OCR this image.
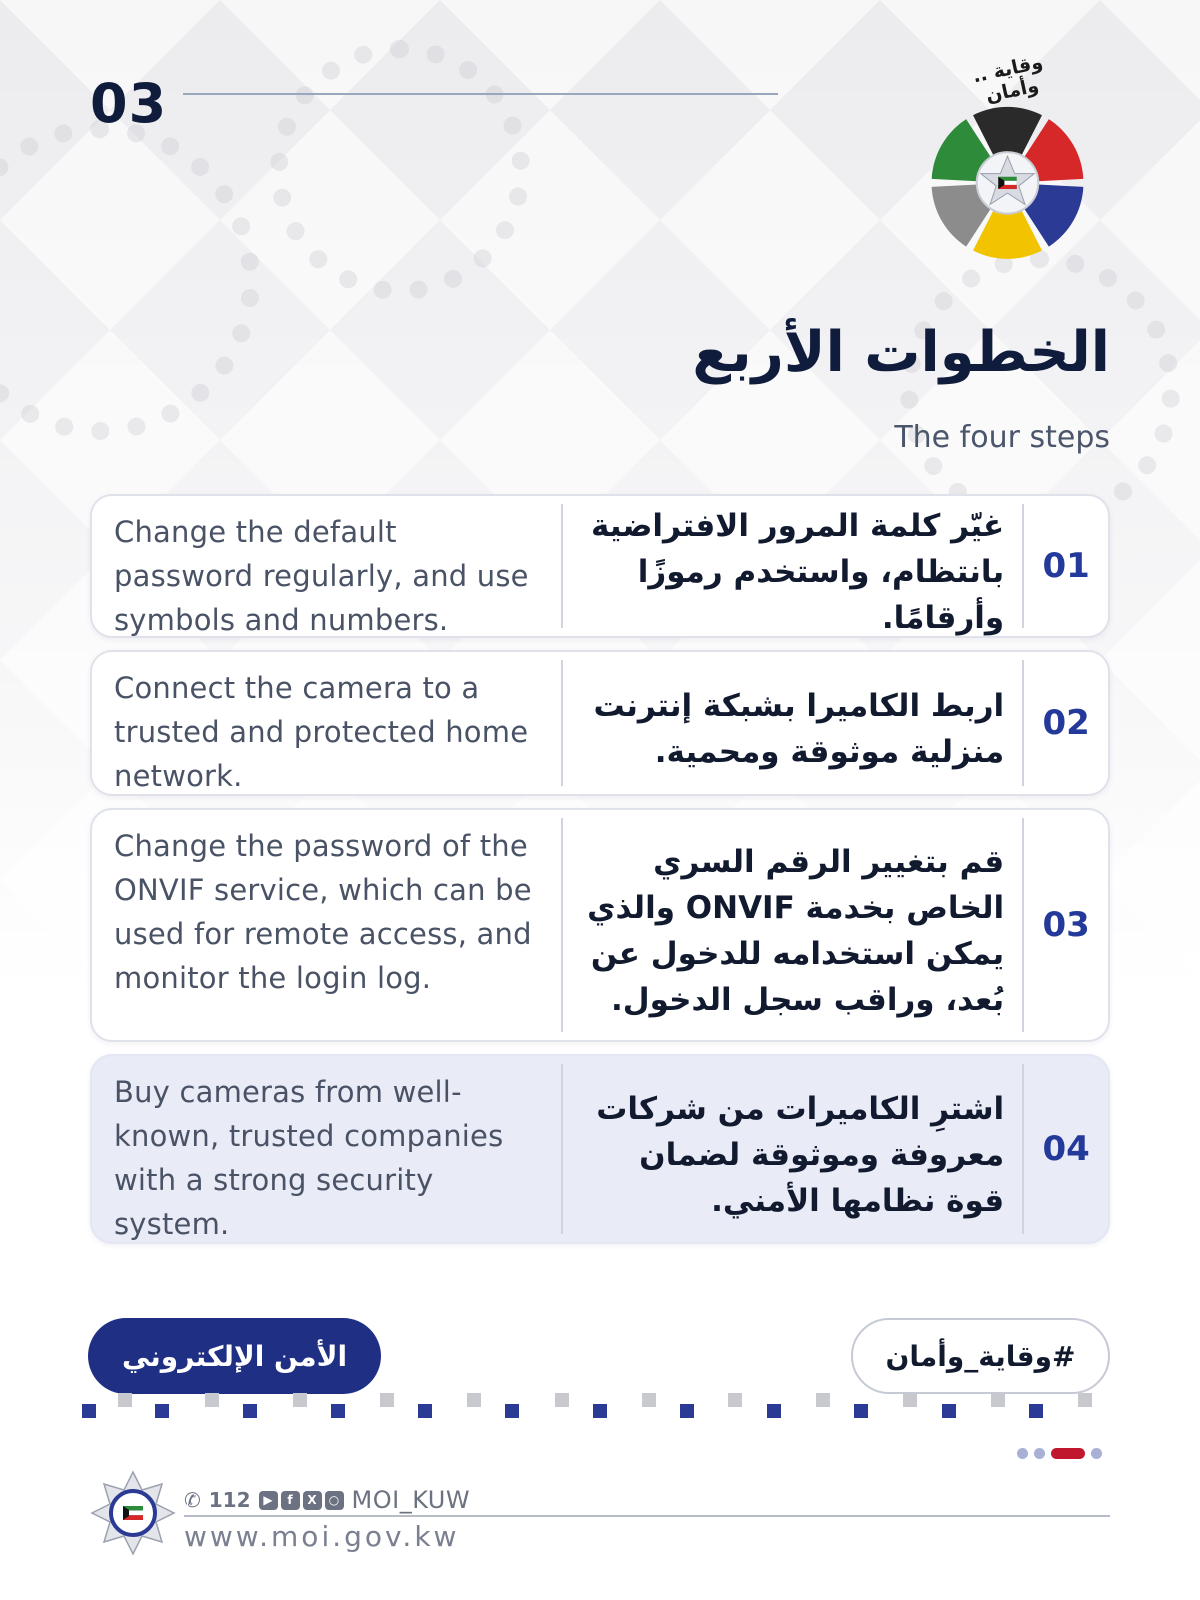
03
وقاية .. وأمان
الخطوات الأربع
The four steps
Change the default password regularly, and use symbols and numbers.
غيّر كلمة المرور الافتراضية بانتظام، واستخدم رموزًا وأرقامًا.
01
Connect the camera to a trusted and protected home network.
اربط الكاميرا بشبكة إنترنت منزلية موثوقة ومحمية.
02
Change the password of the ONVIF service, which can be used for remote access, and monitor the login log.
قم بتغيير الرقم السري الخاص بخدمة ONVIF والذي يمكن استخدامه للدخول عن بُعد، وراقب سجل الدخول.
03
Buy cameras from well-known, trusted companies with a strong security system.
اشترِ الكاميرات من شركات معروفة وموثوقة لضمان قوة نظامها الأمني.
04
الأمن الإلكتروني	#وقاية_وأمان
✆ 112	▶	f	X	○ MOI_KUW
www.moi.gov.kw
